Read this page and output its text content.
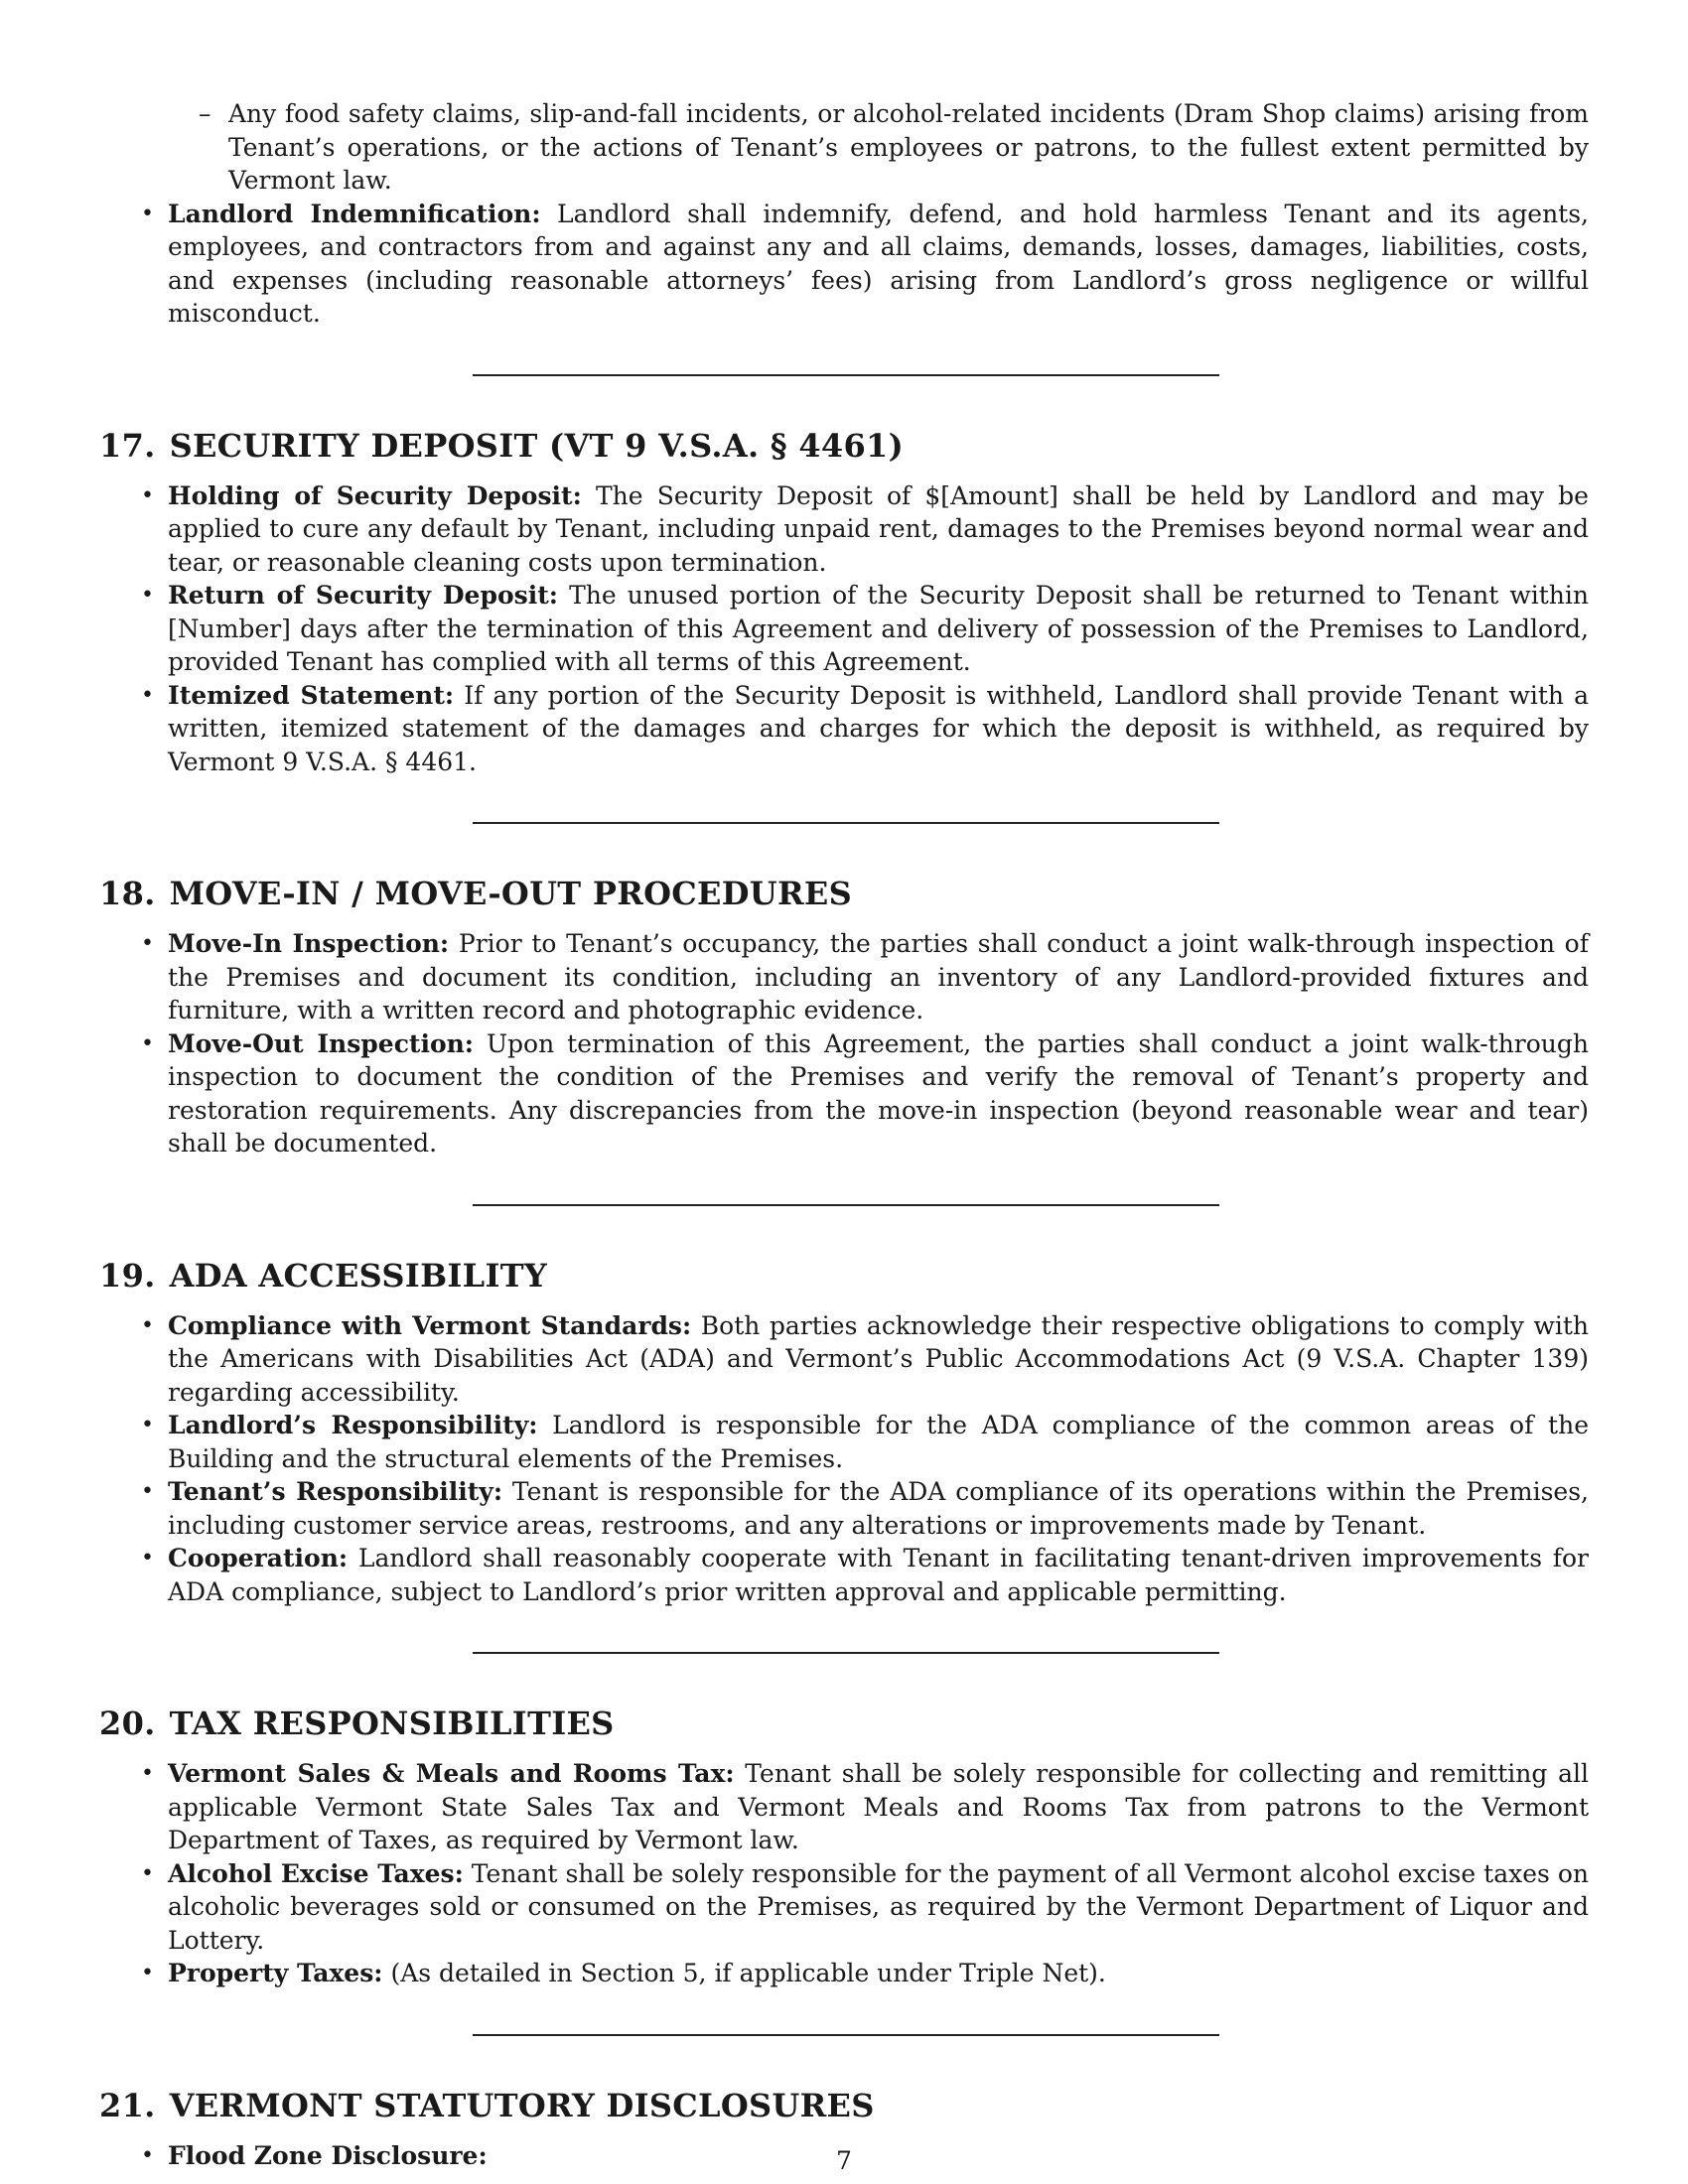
– Any food safety claims, slip-and-fall incidents, or alcohol-related incidents (Dram Shop claims) arising from Tenant’s operations, or the actions of Tenant’s employees or patrons, to the fullest extent permitted by Vermont law.
• Landlord Indemnification: Landlord shall indemnify, defend, and hold harmless Tenant and its agents, employees, and contractors from and against any and all claims, demands, losses, damages, liabilities, costs, and expenses (including reasonable attorneys’ fees) arising from Landlord’s gross negligence or willful misconduct.
17. SECURITY DEPOSIT (VT 9 V.S.A. § 4461)
• Holding of Security Deposit: The Security Deposit of $[Amount] shall be held by Landlord and may be applied to cure any default by Tenant, including unpaid rent, damages to the Premises beyond normal wear and tear, or reasonable cleaning costs upon termination.
• Return of Security Deposit: The unused portion of the Security Deposit shall be returned to Tenant within [Number] days after the termination of this Agreement and delivery of possession of the Premises to Landlord, provided Tenant has complied with all terms of this Agreement.
• Itemized Statement: If any portion of the Security Deposit is withheld, Landlord shall provide Tenant with a written, itemized statement of the damages and charges for which the deposit is withheld, as required by Vermont 9 V.S.A. § 4461.
18. MOVE-IN / MOVE-OUT PROCEDURES
• Move-In Inspection: Prior to Tenant’s occupancy, the parties shall conduct a joint walk-through inspection of the Premises and document its condition, including an inventory of any Landlord-provided fixtures and furniture, with a written record and photographic evidence.
• Move-Out Inspection: Upon termination of this Agreement, the parties shall conduct a joint walk-through inspection to document the condition of the Premises and verify the removal of Tenant’s property and restoration requirements. Any discrepancies from the move-in inspection (beyond reasonable wear and tear) shall be documented.
19. ADA ACCESSIBILITY
• Compliance with Vermont Standards: Both parties acknowledge their respective obligations to comply with the Americans with Disabilities Act (ADA) and Vermont’s Public Accommodations Act (9 V.S.A. Chapter 139) regarding accessibility.
• Landlord’s Responsibility: Landlord is responsible for the ADA compliance of the common areas of the Building and the structural elements of the Premises.
• Tenant’s Responsibility: Tenant is responsible for the ADA compliance of its operations within the Premises, including customer service areas, restrooms, and any alterations or improvements made by Tenant.
• Cooperation: Landlord shall reasonably cooperate with Tenant in facilitating tenant-driven improvements for ADA compliance, subject to Landlord’s prior written approval and applicable permitting.
20. TAX RESPONSIBILITIES
• Vermont Sales & Meals and Rooms Tax: Tenant shall be solely responsible for collecting and remitting all applicable Vermont State Sales Tax and Vermont Meals and Rooms Tax from patrons to the Vermont Department of Taxes, as required by Vermont law.
• Alcohol Excise Taxes: Tenant shall be solely responsible for the payment of all Vermont alcohol excise taxes on alcoholic beverages sold or consumed on the Premises, as required by the Vermont Department of Liquor and Lottery.
• Property Taxes: (As detailed in Section 5, if applicable under Triple Net).
21. VERMONT STATUTORY DISCLOSURES
• Flood Zone Disclosure:	7
